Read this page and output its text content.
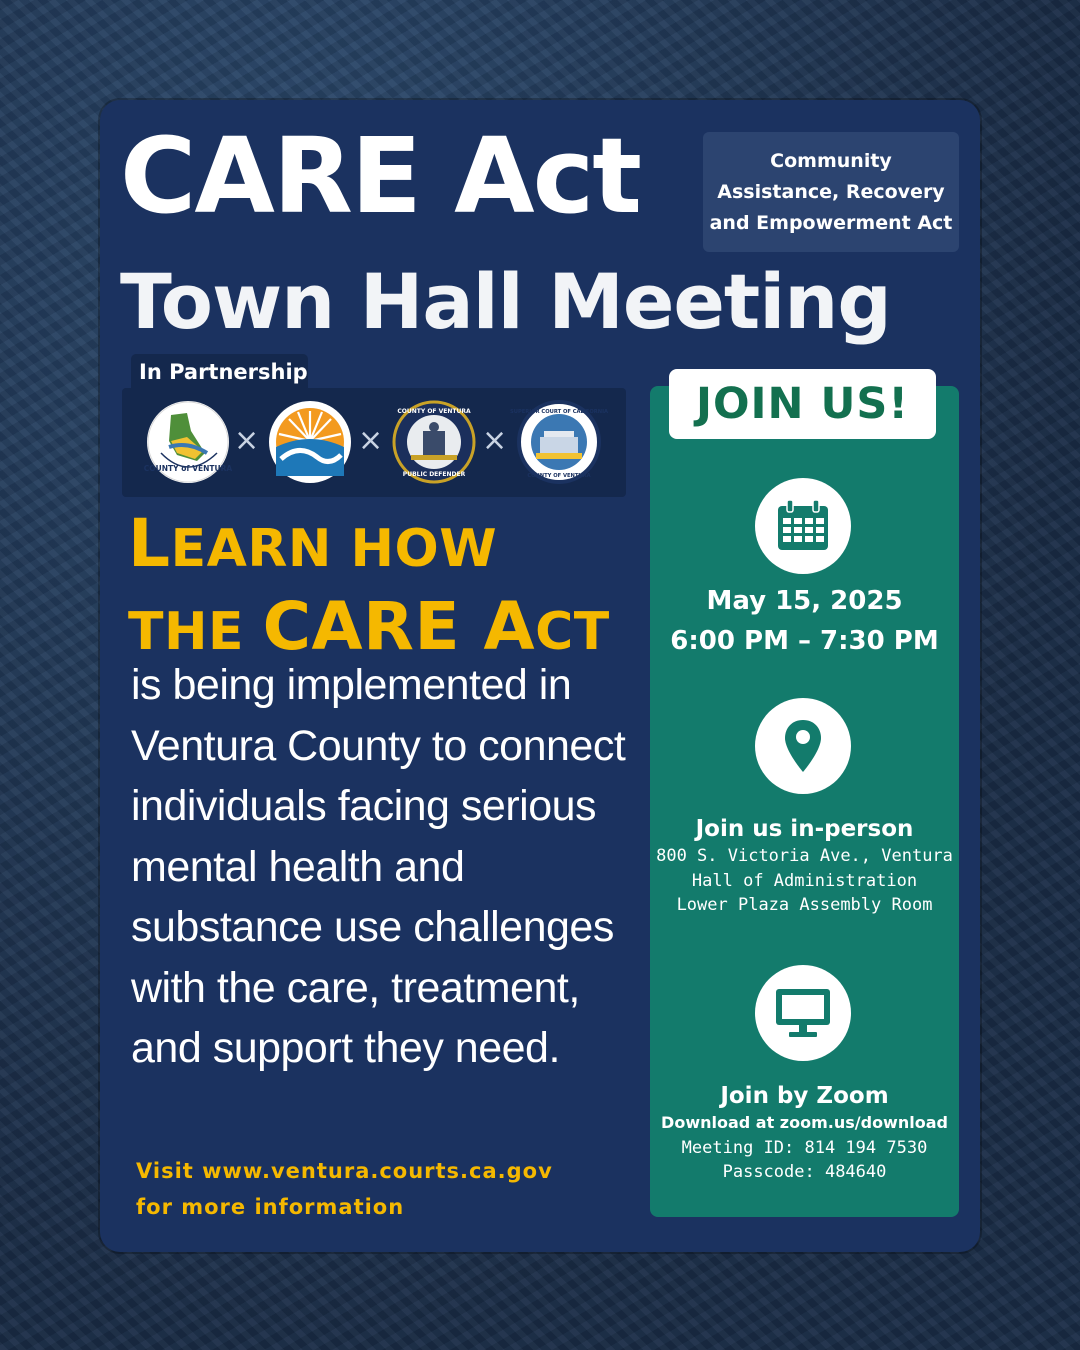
CARE Act	Community Assistance, Recovery and Empowerment Act
Town Hall Meeting
In Partnership
COUNTY of VENTURA
×	×
COUNTY OF VENTURA
PUBLIC DEFENDER
×
SUPERIOR COURT OF CALIFORNIA
COUNTY OF VENTURA
LEARN HOW
THE CARE ACT
is being implemented in Ventura County to connect individuals facing serious mental health and substance use challenges with the care, treatment, and support they need.
Visit www.ventura.courts.ca.gov
for more information
JOIN US!
May 15, 2025
6:00 PM – 7:30 PM
Join us in-person
800 S. Victoria Ave., Ventura
Hall of Administration
Lower Plaza Assembly Room
Join by Zoom
Download at zoom.us/download
Meeting ID: 814 194 7530
Passcode: 484640
